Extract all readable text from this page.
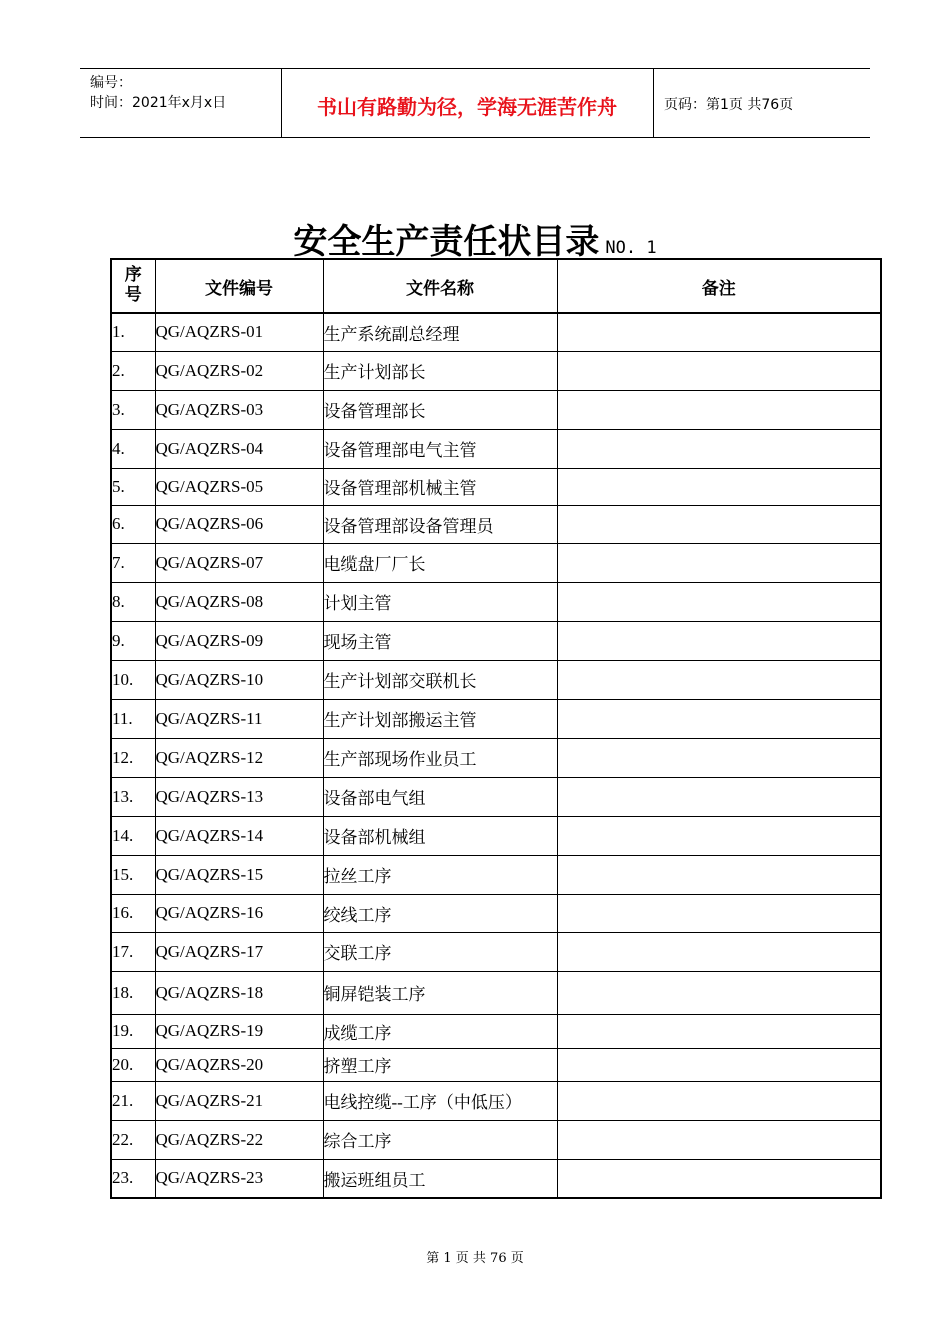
编号：
时间：2021年x月x日	书山有路勤为径，学海无涯苦作舟	页码：第1页 共76页
安全生产责任状目录 NO. 1
序号	文件编号	文件名称	备注
1.	QG/AQZRS-01	生产系统副总经理	
2.	QG/AQZRS-02	生产计划部长	
3.	QG/AQZRS-03	设备管理部长	
4.	QG/AQZRS-04	设备管理部电气主管	
5.	QG/AQZRS-05	设备管理部机械主管	
6.	QG/AQZRS-06	设备管理部设备管理员	
7.	QG/AQZRS-07	电缆盘厂厂长	
8.	QG/AQZRS-08	计划主管	
9.	QG/AQZRS-09	现场主管	
10.	QG/AQZRS-10	生产计划部交联机长	
11.	QG/AQZRS-11	生产计划部搬运主管	
12.	QG/AQZRS-12	生产部现场作业员工	
13.	QG/AQZRS-13	设备部电气组	
14.	QG/AQZRS-14	设备部机械组	
15.	QG/AQZRS-15	拉丝工序	
16.	QG/AQZRS-16	绞线工序	
17.	QG/AQZRS-17	交联工序	
18.	QG/AQZRS-18	铜屏铠装工序	
19.	QG/AQZRS-19	成缆工序	
20.	QG/AQZRS-20	挤塑工序	
21.	QG/AQZRS-21	电线控缆--工序（中低压）	
22.	QG/AQZRS-22	综合工序	
23.	QG/AQZRS-23	搬运班组员工	
第 1 页 共 76 页
